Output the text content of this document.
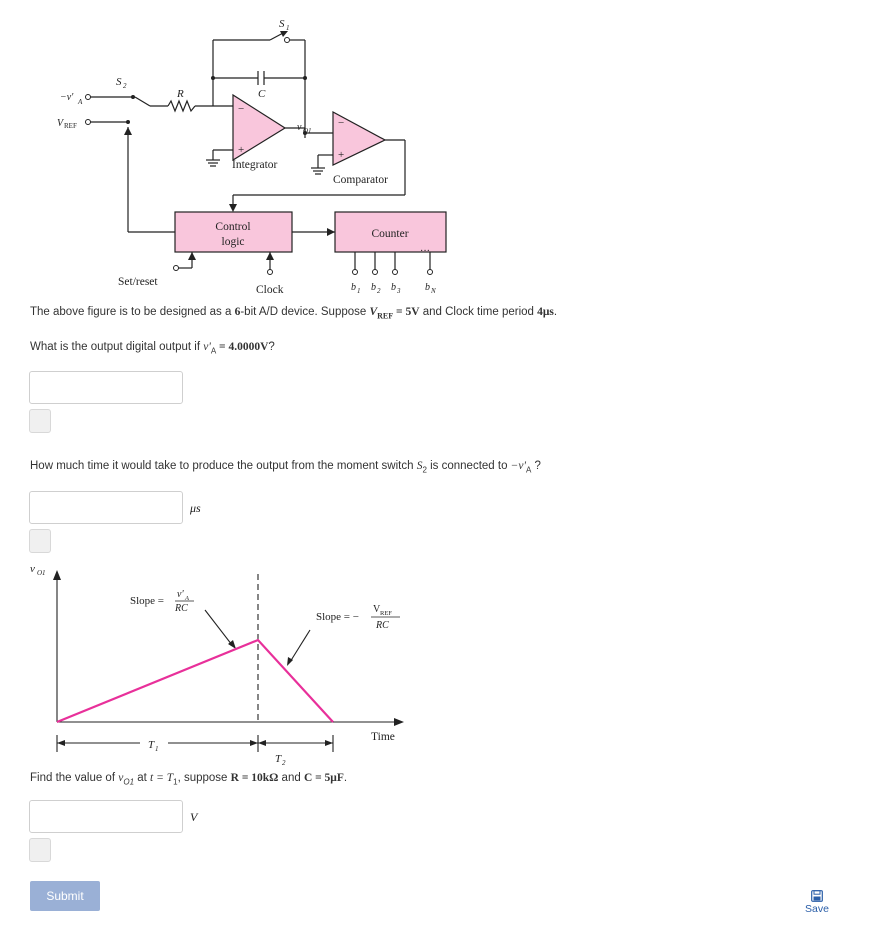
−
+
−
+
S 1
S 2
−v' A
V REF
R	C
v O1
Integrator
Comparator
Control
logic
Counter
···
Set/reset
Clock	b 1 b 2 b 3 b N
The above figure is to be designed as a 6-bit A/D device. Suppose $V_{REF} = 5V$ and Clock time period 4μs.
What is the output digital output if $v'_A = 4.0000V$?
How much time it would take to produce the output from the moment switch $S_2$ is connected to $-v'_A$ ?
μs
v O1
Slope =
v' A
RC
Slope = −
V REF
RC
Time
T 1
T 2
Find the value of $v_{O1}$ at $t = T_1$, suppose R = 10kΩ and C = 5μF.
V
Submit
Save
